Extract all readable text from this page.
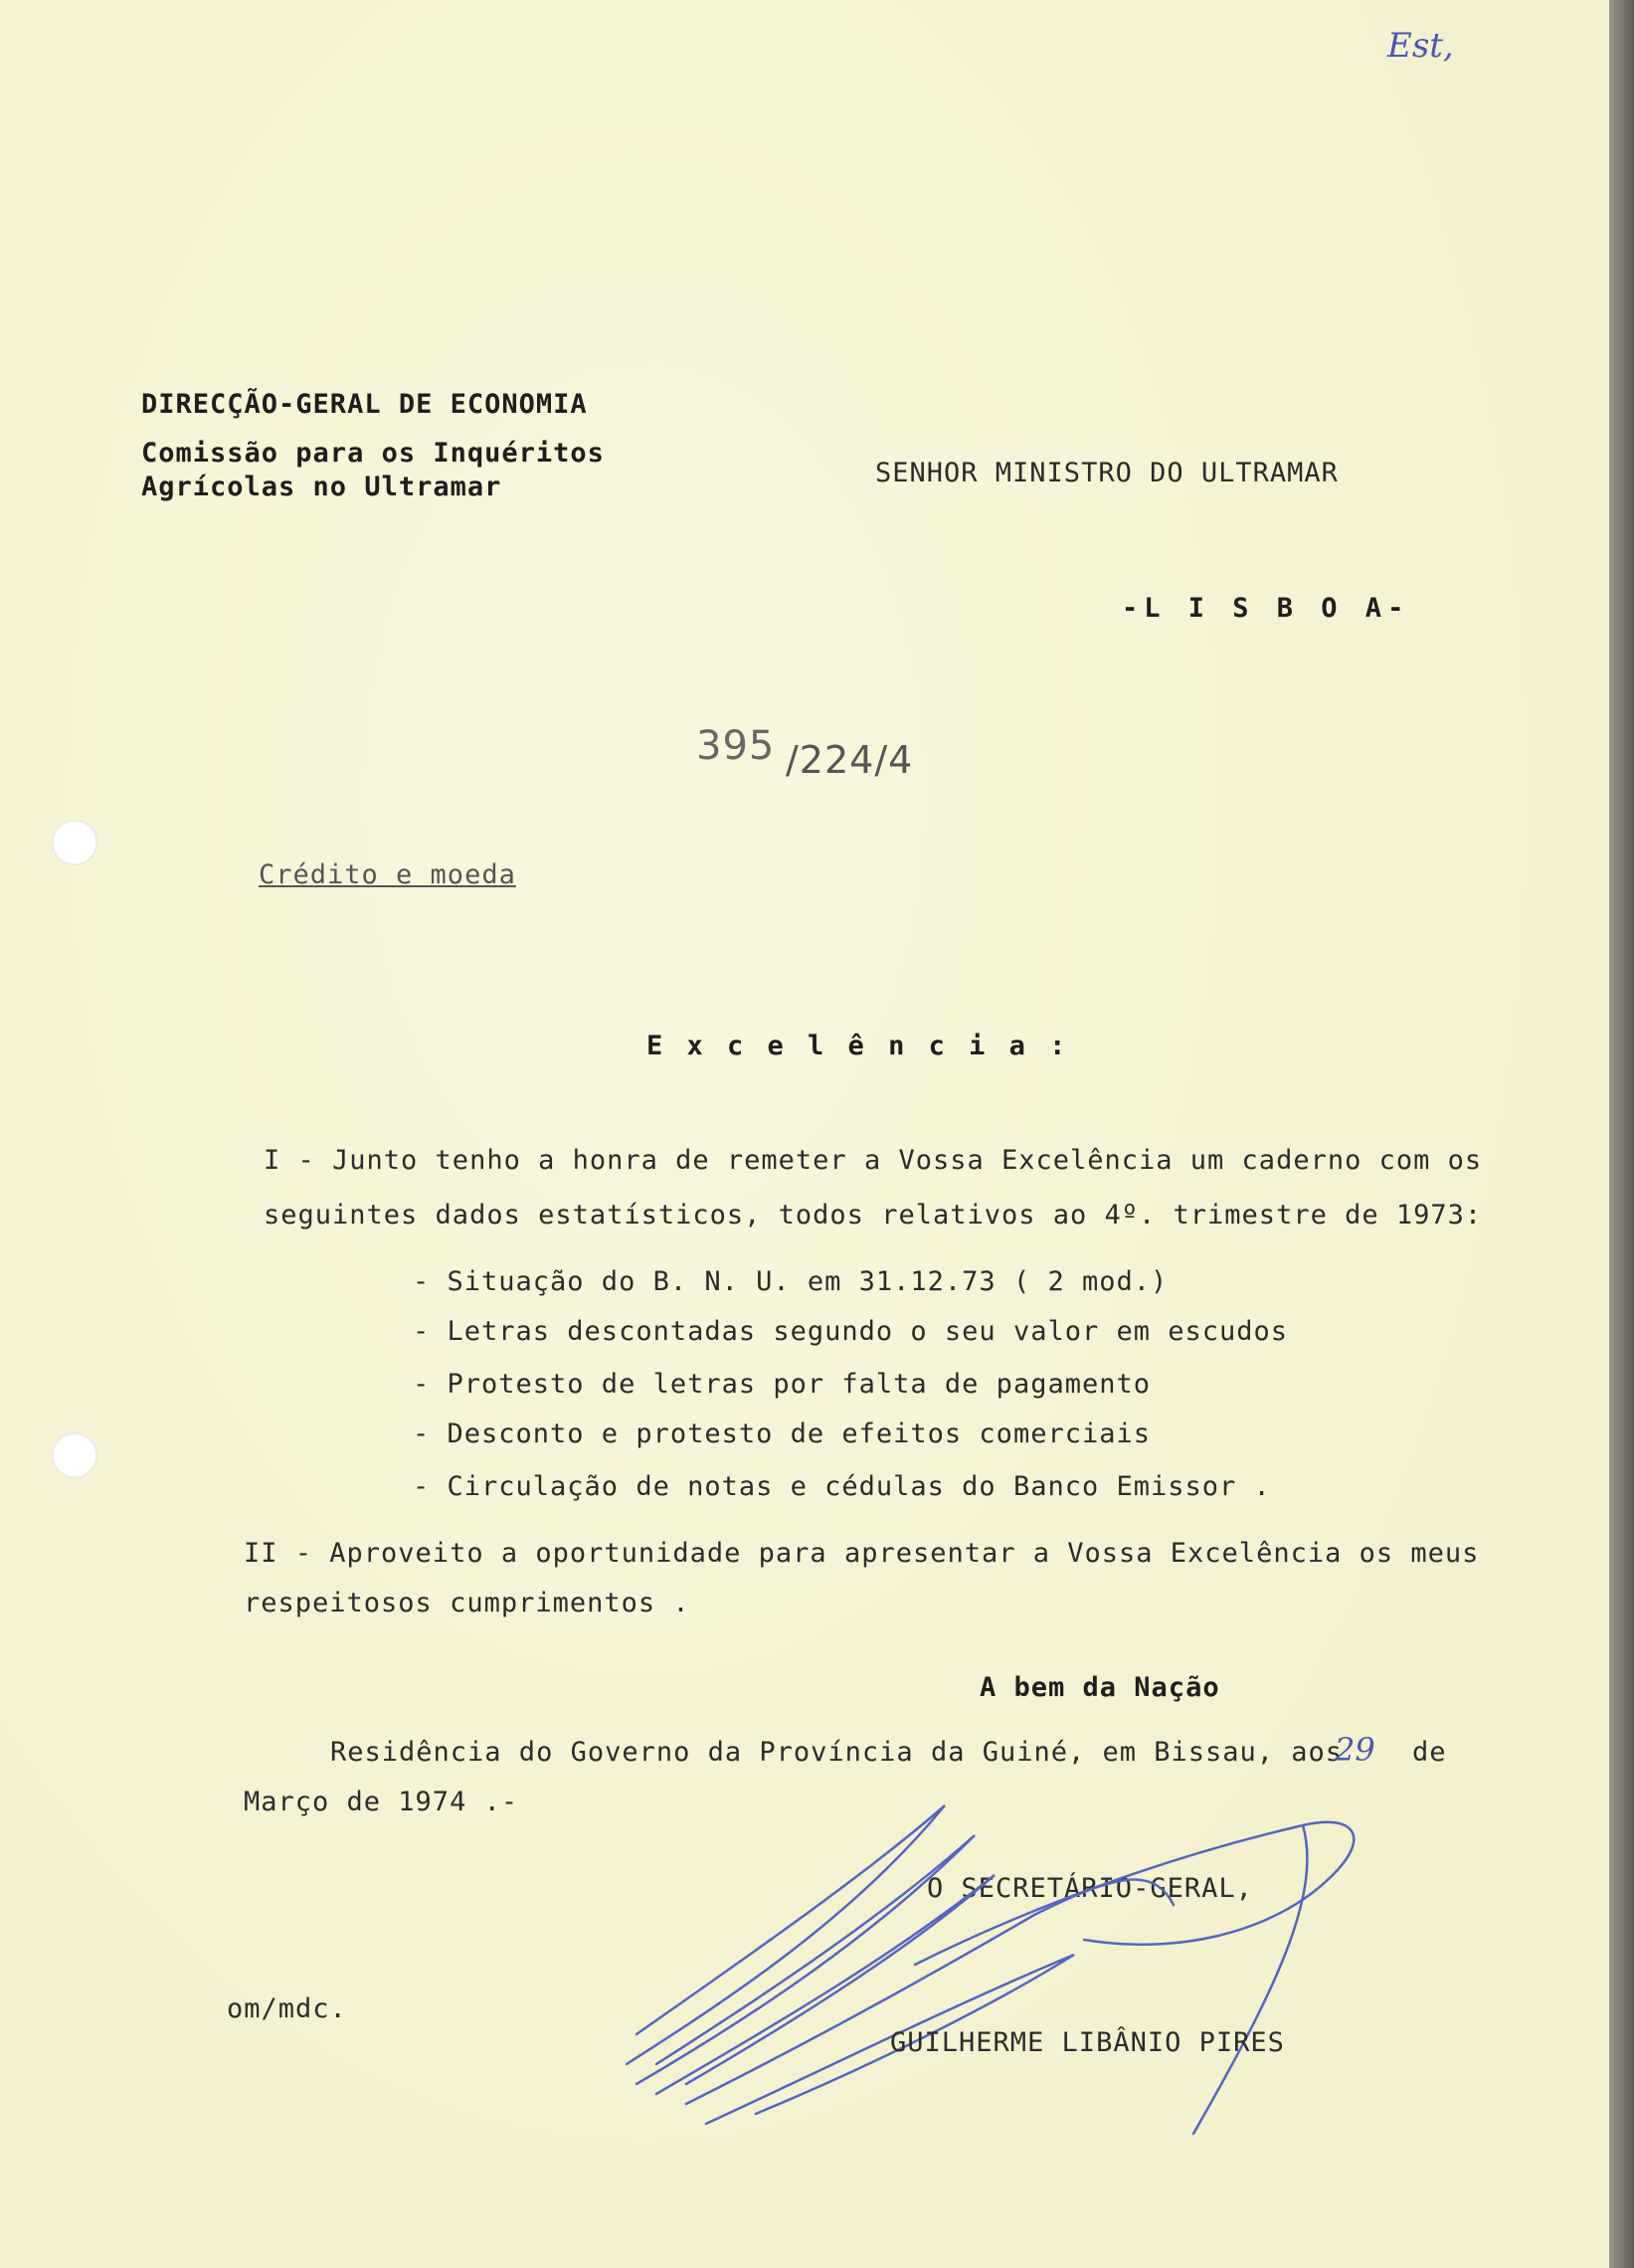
Est,
DIRECÇÃO-GERAL DE ECONOMIA
Comissão para os Inquéritos
Agrícolas no Ultramar	SENHOR MINISTRO DO ULTRAMAR
-L I S B O A-
395 /224/4
Crédito e moeda
E x c e l ê n c i a :
I - Junto tenho a honra de remeter a Vossa Excelência um caderno com os
seguintes dados estatísticos, todos relativos ao 4º. trimestre de 1973:
- Situação do B. N. U. em 31.12.73 ( 2 mod.)
- Letras descontadas segundo o seu valor em escudos
- Protesto de letras por falta de pagamento
- Desconto e protesto de efeitos comerciais
- Circulação de notas e cédulas do Banco Emissor .
II - Aproveito a oportunidade para apresentar a Vossa Excelência os meus
respeitosos cumprimentos .
A bem da Nação
Residência do Governo da Província da Guiné, em Bissau, aos
29 de
Março de 1974 .-
O SECRETÁRIO-GERAL,
om/mdc.
GUILHERME LIBÂNIO PIRES
